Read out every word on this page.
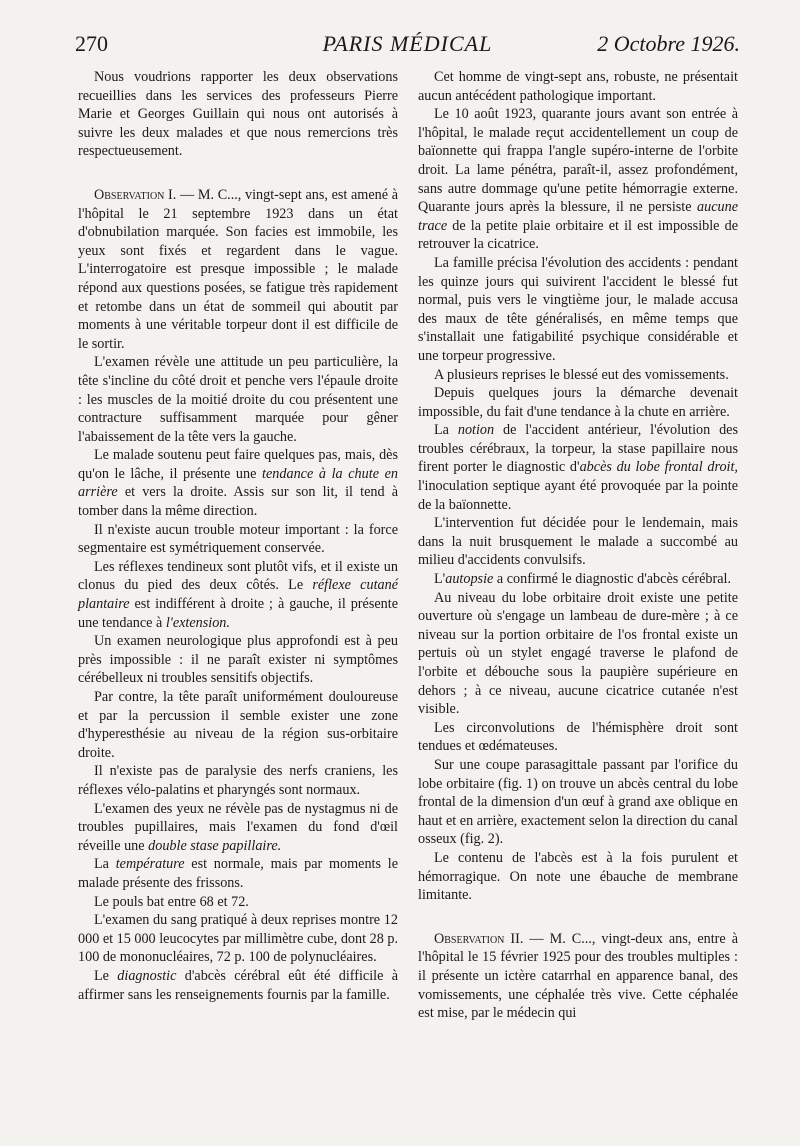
270	PARIS MÉDICAL	2 Octobre 1926.

Nous voudrions rapporter les deux observations recueillies dans les services des professeurs Pierre Marie et Georges Guillain qui nous ont autorisés à suivre les deux malades et que nous remercions très respectueusement.

Observation I. — M. C..., vingt-sept ans, est amené à l'hôpital le 21 septembre 1923 dans un état d'obnubilation marquée. Son facies est immobile, les yeux sont fixés et regardent dans le vague. L'interrogatoire est presque impossible ; le malade répond aux questions posées, se fatigue très rapidement et retombe dans un état de sommeil qui aboutit par moments à une véritable torpeur dont il est difficile de le sortir.

L'examen révèle une attitude un peu particulière, la tête s'incline du côté droit et penche vers l'épaule droite : les muscles de la moitié droite du cou présentent une contracture suffisamment marquée pour gêner l'abaissement de la tête vers la gauche.

Le malade soutenu peut faire quelques pas, mais, dès qu'on le lâche, il présente une tendance à la chute en arrière et vers la droite. Assis sur son lit, il tend à tomber dans la même direction.

Il n'existe aucun trouble moteur important : la force segmentaire est symétriquement conservée.

Les réflexes tendineux sont plutôt vifs, et il existe un clonus du pied des deux côtés. Le réflexe cutané plantaire est indifférent à droite ; à gauche, il présente une tendance à l'extension.

Un examen neurologique plus approfondi est à peu près impossible : il ne paraît exister ni symptômes cérébelleux ni troubles sensitifs objectifs.

Par contre, la tête paraît uniformément douloureuse et par la percussion il semble exister une zone d'hyperesthésie au niveau de la région sus-orbitaire droite.

Il n'existe pas de paralysie des nerfs craniens, les réflexes vélo-palatins et pharyngés sont normaux.

L'examen des yeux ne révèle pas de nystagmus ni de troubles pupillaires, mais l'examen du fond d'œil réveille une double stase papillaire.

La température est normale, mais par moments le malade présente des frissons.

Le pouls bat entre 68 et 72.

L'examen du sang pratiqué à deux reprises montre 12 000 et 15 000 leucocytes par millimètre cube, dont 28 p. 100 de mononucléaires, 72 p. 100 de polynucléaires.

Le diagnostic d'abcès cérébral eût été difficile à affirmer sans les renseignements fournis par la famille.

Cet homme de vingt-sept ans, robuste, ne présentait aucun antécédent pathologique important.

Le 10 août 1923, quarante jours avant son entrée à l'hôpital, le malade reçut accidentellement un coup de baïonnette qui frappa l'angle supéro-interne de l'orbite droit. La lame pénétra, paraît-il, assez profondément, sans autre dommage qu'une petite hémorragie externe. Quarante jours après la blessure, il ne persiste aucune trace de la petite plaie orbitaire et il est impossible de retrouver la cicatrice.

La famille précisa l'évolution des accidents : pendant les quinze jours qui suivirent l'accident le blessé fut normal, puis vers le vingtième jour, le malade accusa des maux de tête généralisés, en même temps que s'installait une fatigabilité psychique considérable et une torpeur progressive.

A plusieurs reprises le blessé eut des vomissements.

Depuis quelques jours la démarche devenait impossible, du fait d'une tendance à la chute en arrière.

La notion de l'accident antérieur, l'évolution des troubles cérébraux, la torpeur, la stase papillaire nous firent porter le diagnostic d'abcès du lobe frontal droit, l'inoculation septique ayant été provoquée par la pointe de la baïonnette.

L'intervention fut décidée pour le lendemain, mais dans la nuit brusquement le malade a succombé au milieu d'accidents convulsifs.

L'autopsie a confirmé le diagnostic d'abcès cérébral.

Au niveau du lobe orbitaire droit existe une petite ouverture où s'engage un lambeau de dure-mère ; à ce niveau sur la portion orbitaire de l'os frontal existe un pertuis où un stylet engagé traverse le plafond de l'orbite et débouche sous la paupière supérieure en dehors ; à ce niveau, aucune cicatrice cutanée n'est visible.

Les circonvolutions de l'hémisphère droit sont tendues et œdémateuses.

Sur une coupe parasagittale passant par l'orifice du lobe orbitaire (fig. 1) on trouve un abcès central du lobe frontal de la dimension d'un œuf à grand axe oblique en haut et en arrière, exactement selon la direction du canal osseux (fig. 2).

Le contenu de l'abcès est à la fois purulent et hémorragique. On note une ébauche de membrane limitante.

Observation II. — M. C..., vingt-deux ans, entre à l'hôpital le 15 février 1925 pour des troubles multiples : il présente un ictère catarrhal en apparence banal, des vomissements, une céphalée très vive. Cette céphalée est mise, par le médecin qui
